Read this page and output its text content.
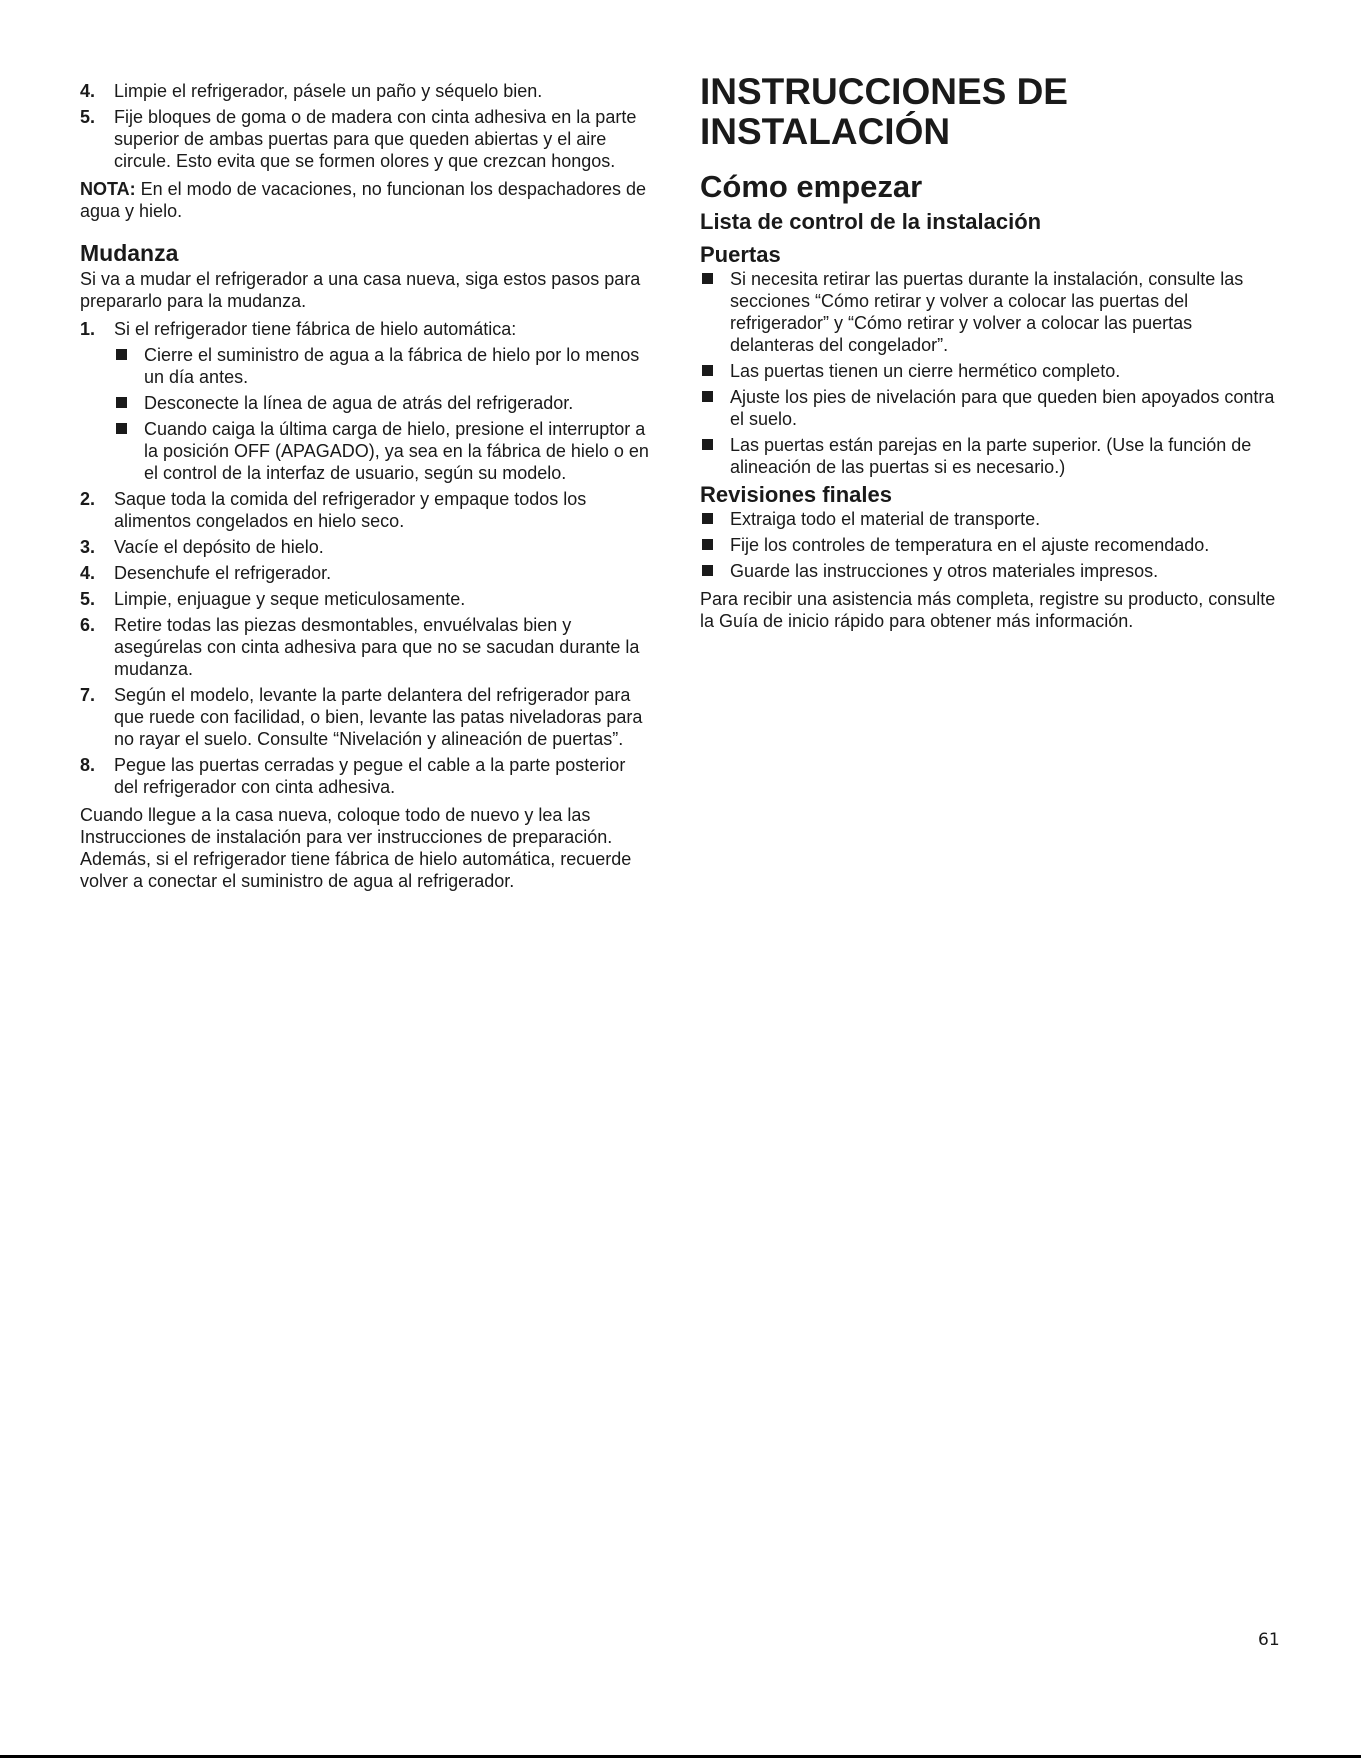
4. Limpie el refrigerador, pásele un paño y séquelo bien.
5. Fije bloques de goma o de madera con cinta adhesiva en la parte superior de ambas puertas para que queden abiertas y el aire circule. Esto evita que se formen olores y que crezcan hongos.

NOTA: En el modo de vacaciones, no funcionan los despachadores de agua y hielo.

Mudanza

Si va a mudar el refrigerador a una casa nueva, siga estos pasos para prepararlo para la mudanza.

1. Si el refrigerador tiene fábrica de hielo automática:
Cierre el suministro de agua a la fábrica de hielo por lo menos un día antes.
Desconecte la línea de agua de atrás del refrigerador.
Cuando caiga la última carga de hielo, presione el interruptor a la posición OFF (APAGADO), ya sea en la fábrica de hielo o en el control de la interfaz de usuario, según su modelo.
2. Saque toda la comida del refrigerador y empaque todos los alimentos congelados en hielo seco.
3. Vacíe el depósito de hielo.
4. Desenchufe el refrigerador.
5. Limpie, enjuague y seque meticulosamente.
6. Retire todas las piezas desmontables, envuélvalas bien y asegúrelas con cinta adhesiva para que no se sacudan durante la mudanza.
7. Según el modelo, levante la parte delantera del refrigerador para que ruede con facilidad, o bien, levante las patas niveladoras para no rayar el suelo. Consulte “Nivelación y alineación de puertas”.
8. Pegue las puertas cerradas y pegue el cable a la parte posterior del refrigerador con cinta adhesiva.

Cuando llegue a la casa nueva, coloque todo de nuevo y lea las Instrucciones de instalación para ver instrucciones de preparación. Además, si el refrigerador tiene fábrica de hielo automática, recuerde volver a conectar el suministro de agua al refrigerador.

INSTRUCCIONES DE
INSTALACIÓN
Cómo empezar
Lista de control de la instalación
Puertas
Si necesita retirar las puertas durante la instalación, consulte las secciones “Cómo retirar y volver a colocar las puertas del refrigerador” y “Cómo retirar y volver a colocar las puertas delanteras del congelador”.
Las puertas tienen un cierre hermético completo.
Ajuste los pies de nivelación para que queden bien apoyados contra el suelo.
Las puertas están parejas en la parte superior. (Use la función de alineación de las puertas si es necesario.)
Revisiones finales
Extraiga todo el material de transporte.
Fije los controles de temperatura en el ajuste recomendado.
Guarde las instrucciones y otros materiales impresos.

Para recibir una asistencia más completa, registre su producto, consulte la Guía de inicio rápido para obtener más información.

61
